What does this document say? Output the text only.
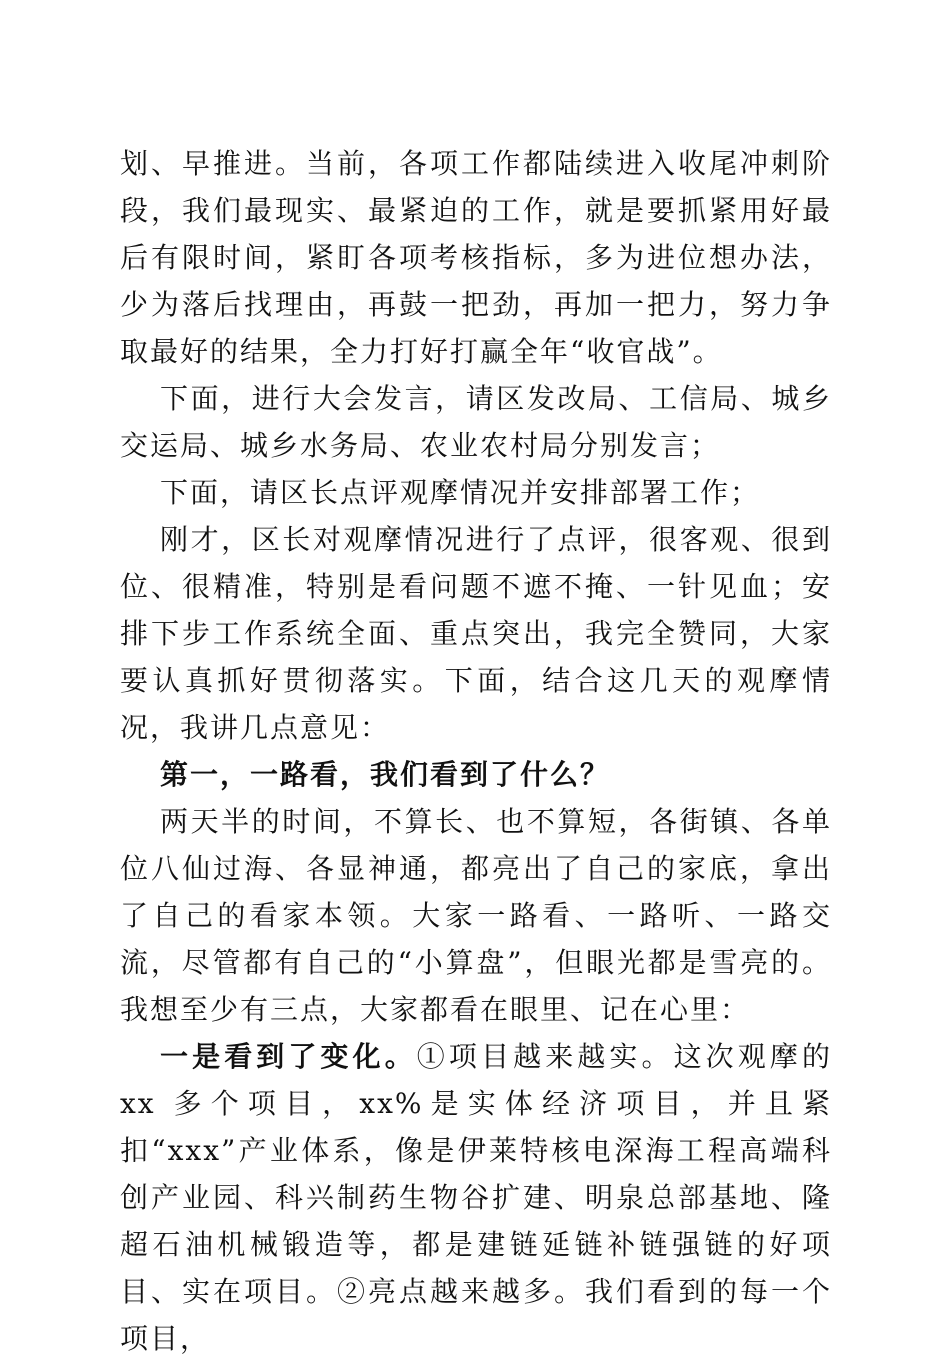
划、早推进。当前，各项工作都陆续进入收尾冲刺阶段，我们最现实、最紧迫的工作，就是要抓紧用好最后有限时间，紧盯各项考核指标，多为进位想办法，少为落后找理由，再鼓一把劲，再加一把力，努力争取最好的结果，全力打好打赢全年“收官战”。

下面，进行大会发言，请区发改局、工信局、城乡交运局、城乡水务局、农业农村局分别发言；

下面，请区长点评观摩情况并安排部署工作；

刚才，区长对观摩情况进行了点评，很客观、很到位、很精准，特别是看问题不遮不掩、一针见血；安排下步工作系统全面、重点突出，我完全赞同，大家要认真抓好贯彻落实。下面，结合这几天的观摩情况，我讲几点意见：

第一，一路看，我们看到了什么？

两天半的时间，不算长、也不算短，各街镇、各单位八仙过海、各显神通，都亮出了自己的家底，拿出了自己的看家本领。大家一路看、一路听、一路交流，尽管都有自己的“小算盘”，但眼光都是雪亮的。我想至少有三点，大家都看在眼里、记在心里：

一是看到了变化。①项目越来越实。这次观摩的 xx 多个项目，xx%是实体经济项目，并且紧扣“xxx”产业体系，像是伊莱特核电深海工程高端科创产业园、科兴制药生物谷扩建、明泉总部基地、隆超石油机械锻造等，都是建链延链补链强链的好项目、实在项目。②亮点越来越多。我们看到的每一个项目，
